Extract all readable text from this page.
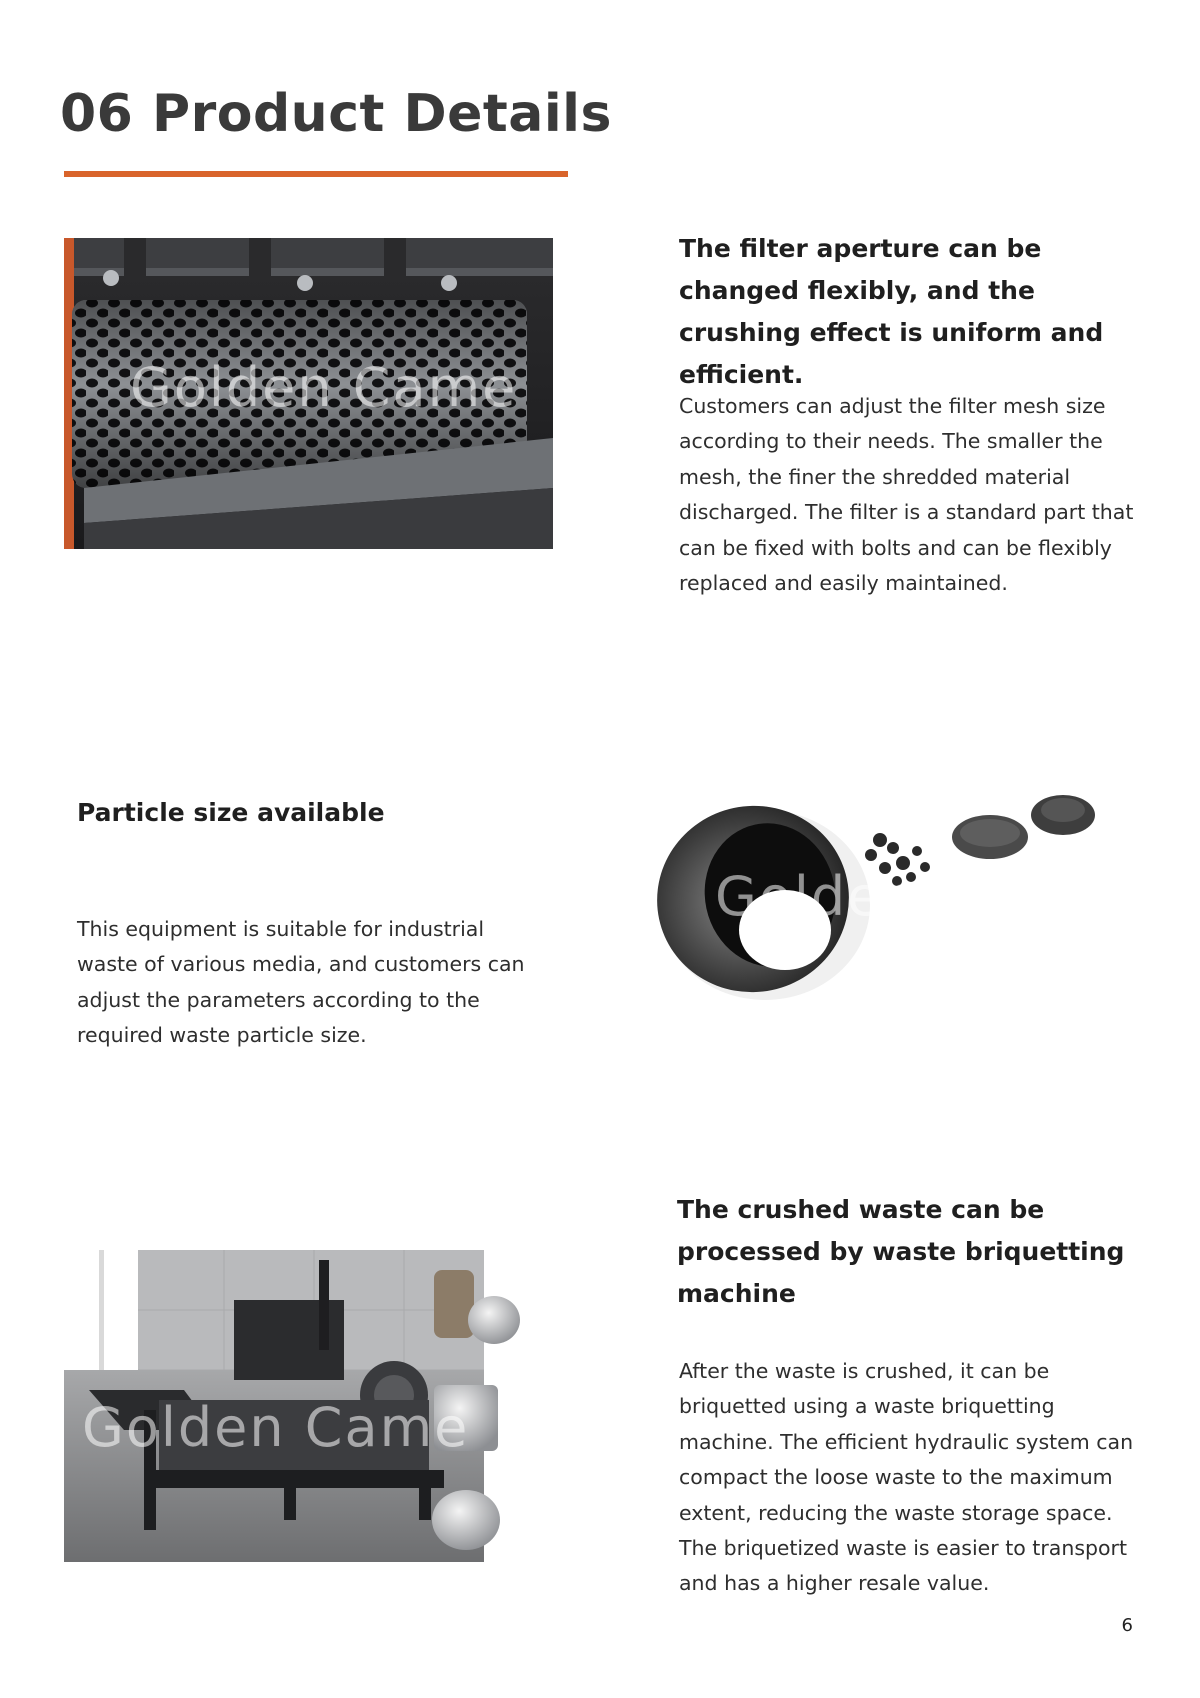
06 Product Details
Golden Came
The filter aperture can be changed flexibly, and the crushing effect is uniform and efficient.

Customers can adjust the filter mesh size according to their needs. The smaller the mesh, the finer the shredded material discharged. The filter is a standard part that can be fixed with bolts and can be flexibly replaced and easily maintained.

Particle size available

This equipment is suitable for industrial waste of various media, and customers can adjust the parameters according to the required waste particle size.

Golden
Golden Came
The crushed waste can be processed by waste briquetting machine

After the waste is crushed, it can be briquetted using a waste briquetting machine. The efficient hydraulic system can compact the loose waste to the maximum extent, reducing the waste storage space. The briquetized waste is easier to transport and has a higher resale value.

6
